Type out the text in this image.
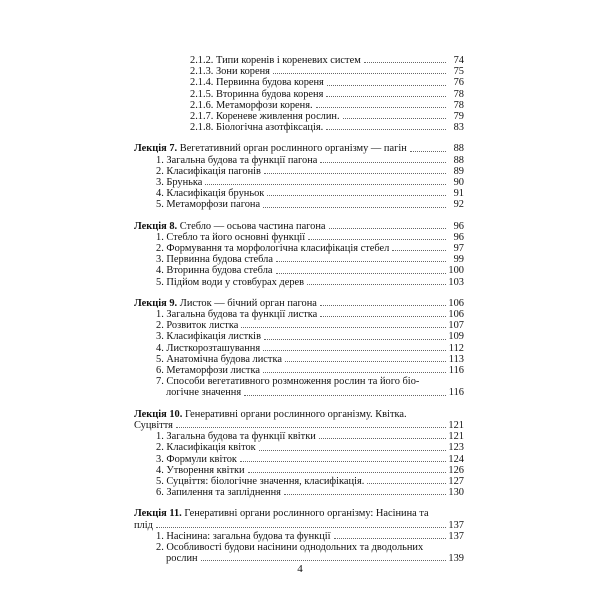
2.1.2. Типи коренів і кореневих систем	74
2.1.3. Зони кореня	75
2.1.4. Первинна будова кореня	76
2.1.5. Вторинна будова кореня	78
2.1.6. Метаморфози кореня.	78
2.1.7. Кореневе живлення рослин.	79
2.1.8. Біологічна азотфіксація.	83
Лекція 7. Вегетативний орган рослинного організму — пагін	88
1. Загальна будова та функції пагона	88
2. Класифікація пагонів	89
3. Брунька	90
4. Класифікація бруньок	91
5. Метаморфози пагона	92
Лекція 8. Стебло — осьова частина пагона	96
1. Стебло та його основні функції	96
2. Формування та морфологічна класифікація стебел	97
3. Первинна будова стебла	99
4. Вторинна будова стебла	100
5. Підйом води у стовбурах дерев	103
Лекція 9. Листок — бічний орган пагона	106
1. Загальна будова та функції листка	106
2. Розвиток листка	107
3. Класифікація листків	109
4. Листкорозташування	112
5. Анатомічна будова листка	113
6. Метаморфози листка	116
7. Способи вегетативного розмноження рослин та його біо-
логічне значення	116
Лекція 10. Генеративні органи рослинного організму. Квітка.
Суцвіття	121
1. Загальна будова та функції квітки	121
2. Класифікація квіток	123
3. Формули квіток	124
4. Утворення квітки	126
5. Суцвіття: біологічне значення, класифікація.	127
6. Запилення та запліднення	130
Лекція 11. Генеративні органи рослинного організму: Насінина та
плід	137
1. Насінина: загальна будова та функції	137
2. Особливості будови насінини однодольних та дводольних
рослин	139
4
